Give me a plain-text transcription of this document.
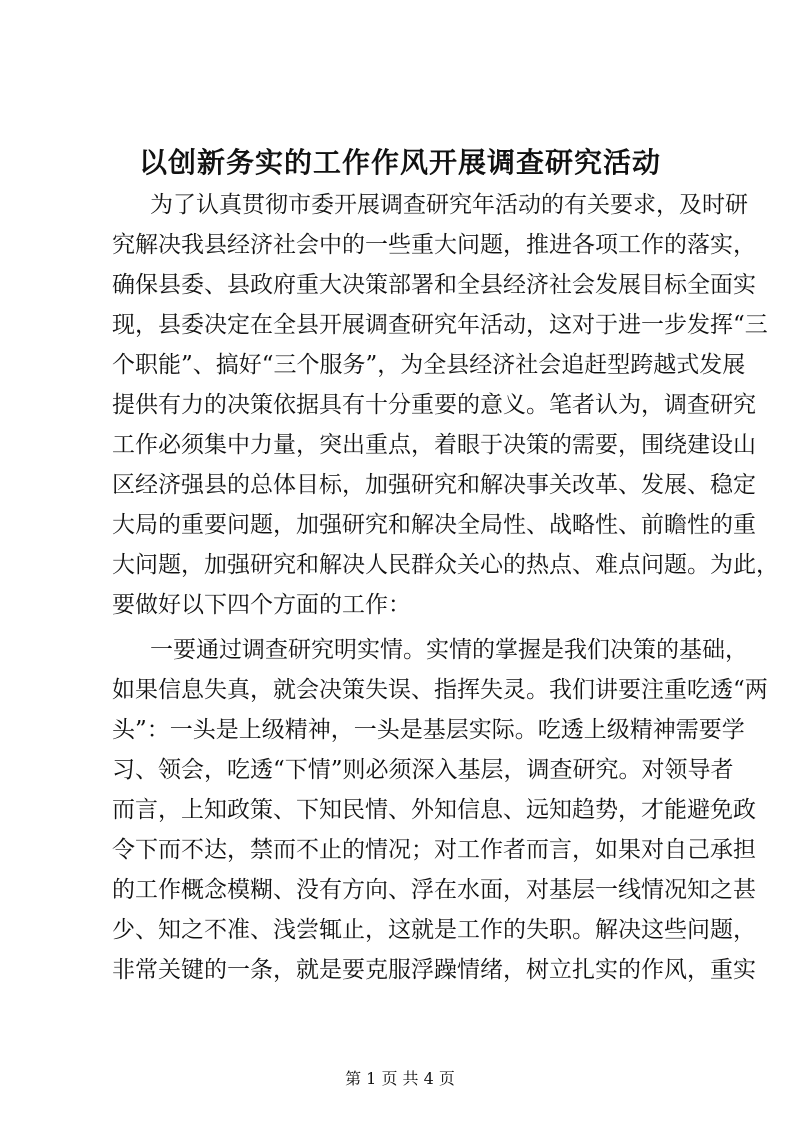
以创新务实的工作作风开展调查研究活动

为了认真贯彻市委开展调查研究年活动的有关要求，及时研

究解决我县经济社会中的一些重大问题，推进各项工作的落实，

确保县委、县政府重大决策部署和全县经济社会发展目标全面实

现，县委决定在全县开展调查研究年活动，这对于进一步发挥“三

个职能”、搞好“三个服务”，为全县经济社会追赶型跨越式发展

提供有力的决策依据具有十分重要的意义。笔者认为，调查研究

工作必须集中力量，突出重点，着眼于决策的需要，围绕建设山

区经济强县的总体目标，加强研究和解决事关改革、发展、稳定

大局的重要问题，加强研究和解决全局性、战略性、前瞻性的重

大问题，加强研究和解决人民群众关心的热点、难点问题。为此，

要做好以下四个方面的工作：

一要通过调查研究明实情。实情的掌握是我们决策的基础，

如果信息失真，就会决策失误、指挥失灵。我们讲要注重吃透“两

头”：一头是上级精神，一头是基层实际。吃透上级精神需要学

习、领会，吃透“下情”则必须深入基层，调查研究。对领导者

而言，上知政策、下知民情、外知信息、远知趋势，才能避免政

令下而不达，禁而不止的情况；对工作者而言，如果对自己承担

的工作概念模糊、没有方向、浮在水面，对基层一线情况知之甚

少、知之不准、浅尝辄止，这就是工作的失职。解决这些问题，

非常关键的一条，就是要克服浮躁情绪，树立扎实的作风，重实

第 1 页 共 4 页
